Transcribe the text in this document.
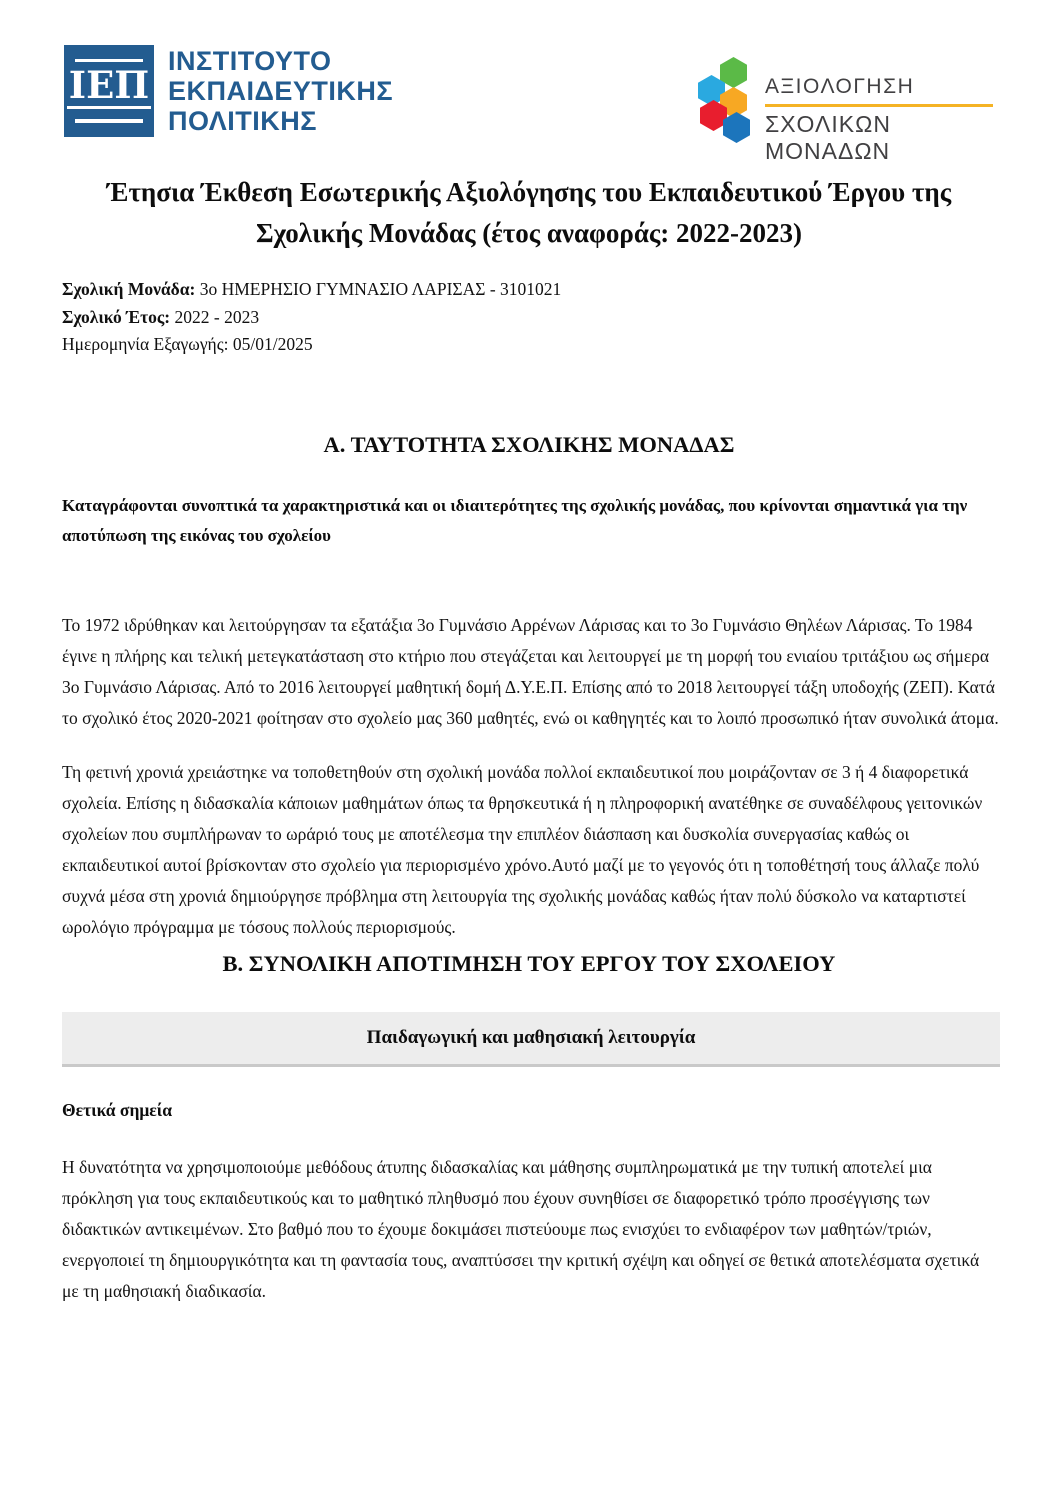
ΙΕΠ
ΙΝΣΤΙΤΟΥΤΟ
ΕΚΠΑΙΔΕΥΤΙΚΗΣ
ΠΟΛΙΤΙΚΗΣ
ΑΞΙΟΛΟΓΗΣΗ
ΣΧΟΛΙΚΩΝ ΜΟΝΑΔΩΝ
Έτησια Έκθεση Εσωτερικής Αξιολόγησης του Εκπαιδευτικού Έργου της Σχολικής Μονάδας (έτος αναφοράς: 2022-2023)
Σχολική Μονάδα: 3ο ΗΜΕΡΗΣΙΟ ΓΥΜΝΑΣΙΟ ΛΑΡΙΣΑΣ - 3101021
Σχολικό Έτος: 2022 - 2023
Ημερομηνία Εξαγωγής: 05/01/2025
Α. ΤΑΥΤΟΤΗΤΑ ΣΧΟΛΙΚΗΣ ΜΟΝΑΔΑΣ

Καταγράφονται συνοπτικά τα χαρακτηριστικά και οι ιδιαιτερότητες της σχολικής μονάδας, που κρίνονται σημαντικά για την αποτύπωση της εικόνας του σχολείου

Το 1972 ιδρύθηκαν και λειτούργησαν τα εξατάξια 3ο Γυμνάσιο Αρρένων Λάρισας και το 3ο Γυμνάσιο Θηλέων Λάρισας. Το 1984 έγινε η πλήρης και τελική μετεγκατάσταση στο κτήριο που στεγάζεται και λειτουργεί με τη μορφή του ενιαίου τριτάξιου ως σήμερα 3ο Γυμνάσιο Λάρισας. Από το 2016 λειτουργεί μαθητική δομή Δ.Υ.Ε.Π. Επίσης από το 2018 λειτουργεί τάξη υποδοχής (ΖΕΠ). Κατά το σχολικό έτος 2020-2021 φοίτησαν στο σχολείο μας 360 μαθητές, ενώ οι καθηγητές και το λοιπό προσωπικό ήταν συνολικά άτομα.

Τη φετινή χρονιά χρειάστηκε να τοποθετηθούν στη σχολική μονάδα πολλοί εκπαιδευτικοί που μοιράζονταν σε 3 ή 4 διαφορετικά σχολεία. Επίσης η διδασκαλία κάποιων μαθημάτων όπως τα θρησκευτικά ή η πληροφορική ανατέθηκε σε συναδέλφους γειτονικών σχολείων που συμπλήρωναν το ωράριό τους με αποτέλεσμα την επιπλέον διάσπαση και δυσκολία συνεργασίας καθώς οι εκπαιδευτικοί αυτοί βρίσκονταν στο σχολείο για περιορισμένο χρόνο.Αυτό μαζί με το γεγονός ότι η τοποθέτησή τους άλλαζε πολύ συχνά μέσα στη χρονιά δημιούργησε πρόβλημα στη λειτουργία της σχολικής μονάδας καθώς ήταν πολύ δύσκολο να καταρτιστεί ωρολόγιο πρόγραμμα με τόσους πολλούς περιορισμούς.

Β. ΣΥΝΟΛΙΚΗ ΑΠΟΤΙΜΗΣΗ ΤΟΥ ΕΡΓΟΥ ΤΟΥ ΣΧΟΛΕΙΟΥ
Παιδαγωγική και μαθησιακή λειτουργία
Θετικά σημεία

Η δυνατότητα να χρησιμοποιούμε μεθόδους άτυπης διδασκαλίας και μάθησης συμπληρωματικά με την τυπική αποτελεί μια πρόκληση για τους εκπαιδευτικούς και το μαθητικό πληθυσμό που έχουν συνηθίσει σε διαφορετικό τρόπο προσέγγισης των διδακτικών αντικειμένων. Στο βαθμό που το έχουμε δοκιμάσει πιστεύουμε πως ενισχύει το ενδιαφέρον των μαθητών/τριών, ενεργοποιεί τη δημιουργικότητα και τη φαντασία τους, αναπτύσσει την κριτική σχέψη και οδηγεί σε θετικά αποτελέσματα σχετικά με τη μαθησιακή διαδικασία.
